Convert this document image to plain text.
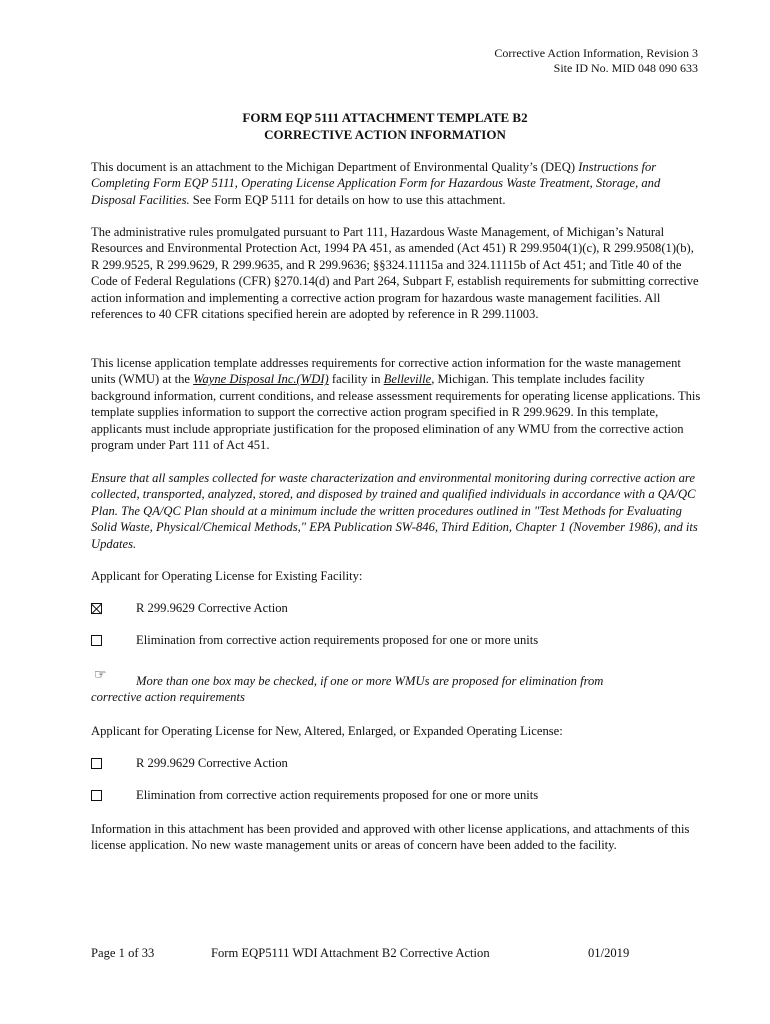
Corrective Action Information, Revision 3
Site ID No. MID 048 090 633
FORM EQP 5111 ATTACHMENT TEMPLATE B2
CORRECTIVE ACTION INFORMATION

This document is an attachment to the Michigan Department of Environmental Quality’s (DEQ) Instructions for Completing Form EQP 5111, Operating License Application Form for Hazardous Waste Treatment, Storage, and Disposal Facilities. See Form EQP 5111 for details on how to use this attachment.

The administrative rules promulgated pursuant to Part 111, Hazardous Waste Management, of Michigan’s Natural Resources and Environmental Protection Act, 1994 PA 451, as amended (Act 451) R 299.9504(1)(c), R 299.9508(1)(b), R 299.9525, R 299.9629, R 299.9635, and R 299.9636; §§324.11115a and 324.11115b of Act 451; and Title 40 of the Code of Federal Regulations (CFR) §270.14(d) and Part 264, Subpart F, establish requirements for submitting corrective action information and implementing a corrective action program for hazardous waste management facilities. All references to 40 CFR citations specified herein are adopted by reference in R 299.11003.

This license application template addresses requirements for corrective action information for the waste management units (WMU) at the Wayne Disposal Inc.(WDI) facility in Belleville, Michigan. This template includes facility background information, current conditions, and release assessment requirements for operating license applications. This template supplies information to support the corrective action program specified in R 299.9629. In this template, applicants must include appropriate justification for the proposed elimination of any WMU from the corrective action program under Part 111 of Act 451.

Ensure that all samples collected for waste characterization and environmental monitoring during corrective action are collected, transported, analyzed, stored, and disposed by trained and qualified individuals in accordance with a QA/QC Plan. The QA/QC Plan should at a minimum include the written procedures outlined in "Test Methods for Evaluating Solid Waste, Physical/Chemical Methods," EPA Publication SW-846, Third Edition, Chapter 1 (November 1986), and its Updates.

Applicant for Operating License for Existing Facility:
R 299.9629 Corrective Action
Elimination from corrective action requirements proposed for one or more units
☞	More than one box may be checked, if one or more WMUs are proposed for elimination from
corrective action requirements
Applicant for Operating License for New, Altered, Enlarged, or Expanded Operating License:
R 299.9629 Corrective Action
Elimination from corrective action requirements proposed for one or more units

Information in this attachment has been provided and approved with other license applications, and attachments of this license application. No new waste management units or areas of concern have been added to the facility.

Page 1 of 33	Form EQP5111 WDI Attachment B2 Corrective Action	01/2019
